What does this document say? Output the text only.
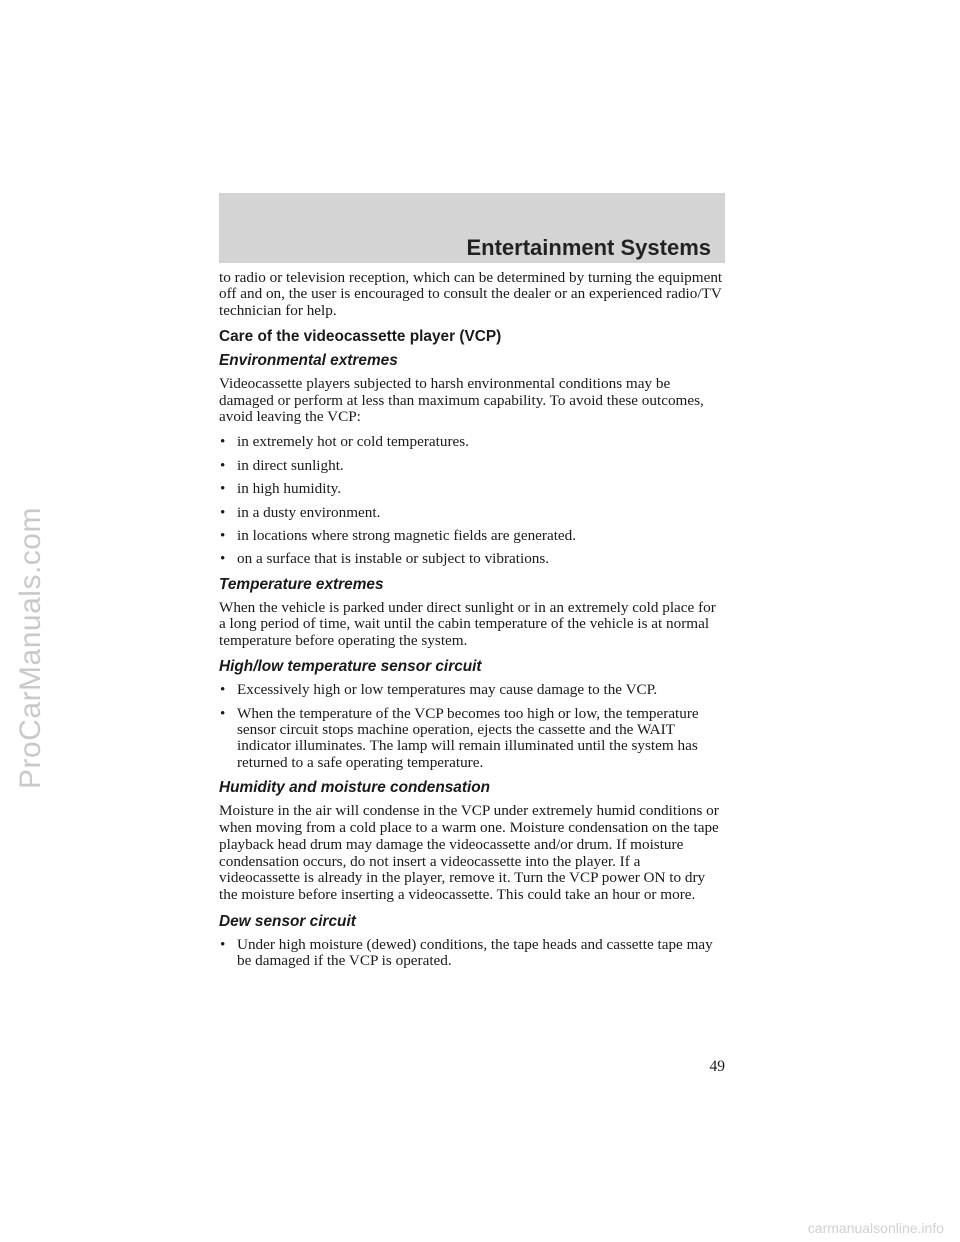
ProCarManuals.com
Entertainment Systems

to radio or television reception, which can be determined by turning the equipment off and on, the user is encouraged to consult the dealer or an experienced radio/TV technician for help.

Care of the videocassette player (VCP)
Environmental extremes

Videocassette players subjected to harsh environmental conditions may be damaged or perform at less than maximum capability. To avoid these outcomes, avoid leaving the VCP:

• in extremely hot or cold temperatures.
• in direct sunlight.
• in high humidity.
• in a dusty environment.
• in locations where strong magnetic fields are generated.
• on a surface that is instable or subject to vibrations.
Temperature extremes

When the vehicle is parked under direct sunlight or in an extremely cold place for a long period of time, wait until the cabin temperature of the vehicle is at normal temperature before operating the system.

High/low temperature sensor circuit
• Excessively high or low temperatures may cause damage to the VCP.
• When the temperature of the VCP becomes too high or low, the temperature sensor circuit stops machine operation, ejects the cassette and the WAIT indicator illuminates. The lamp will remain illuminated until the system has returned to a safe operating temperature.
Humidity and moisture condensation

Moisture in the air will condense in the VCP under extremely humid conditions or when moving from a cold place to a warm one. Moisture condensation on the tape playback head drum may damage the videocassette and/or drum. If moisture condensation occurs, do not insert a videocassette into the player. If a videocassette is already in the player, remove it. Turn the VCP power ON to dry the moisture before inserting a videocassette. This could take an hour or more.

Dew sensor circuit
• Under high moisture (dewed) conditions, the tape heads and cassette tape may be damaged if the VCP is operated.
49
carmanualsonline.info
